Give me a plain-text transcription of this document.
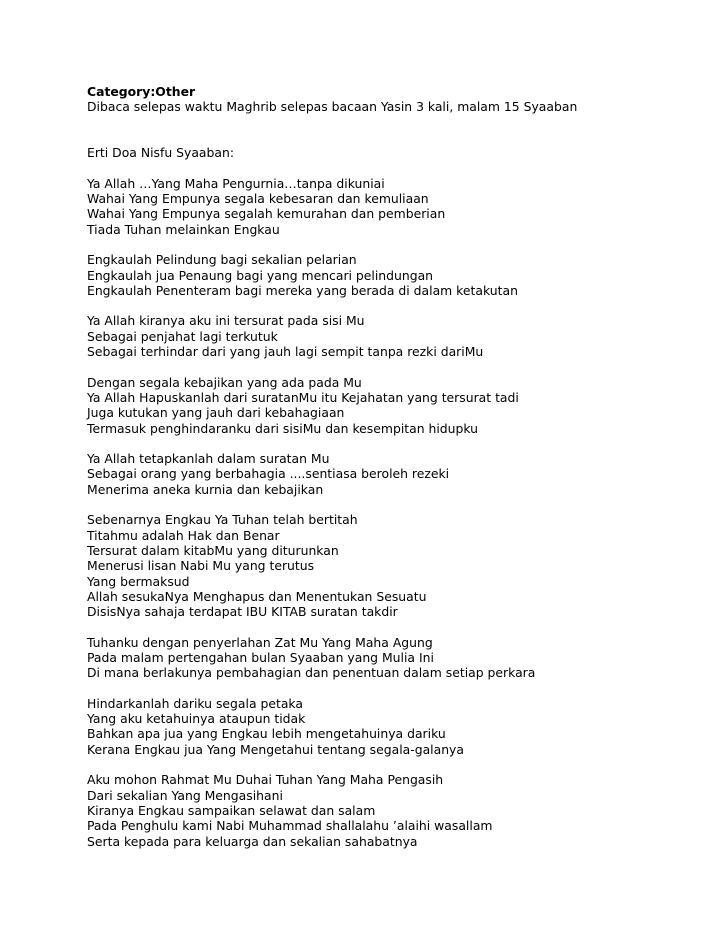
Category:Other
Dibaca selepas waktu Maghrib selepas bacaan Yasin 3 kali, malam 15 Syaaban
Erti Doa Nisfu Syaaban:
Ya Allah …Yang Maha Pengurnia…tanpa dikuniai
Wahai Yang Empunya segala kebesaran dan kemuliaan
Wahai Yang Empunya segalah kemurahan dan pemberian
Tiada Tuhan melainkan Engkau
Engkaulah Pelindung bagi sekalian pelarian
Engkaulah jua Penaung bagi yang mencari pelindungan
Engkaulah Penenteram bagi mereka yang berada di dalam ketakutan
Ya Allah kiranya aku ini tersurat pada sisi Mu
Sebagai penjahat lagi terkutuk
Sebagai terhindar dari yang jauh lagi sempit tanpa rezki dariMu
Dengan segala kebajikan yang ada pada Mu
Ya Allah Hapuskanlah dari suratanMu itu Kejahatan yang tersurat tadi
Juga kutukan yang jauh dari kebahagiaan
Termasuk penghindaranku dari sisiMu dan kesempitan hidupku
Ya Allah tetapkanlah dalam suratan Mu
Sebagai orang yang berbahagia ....sentiasa beroleh rezeki
Menerima aneka kurnia dan kebajikan
Sebenarnya Engkau Ya Tuhan telah bertitah
Titahmu adalah Hak dan Benar
Tersurat dalam kitabMu yang diturunkan
Menerusi lisan Nabi Mu yang terutus
Yang bermaksud
Allah sesukaNya Menghapus dan Menentukan Sesuatu
DisisNya sahaja terdapat IBU KITAB suratan takdir
Tuhanku dengan penyerlahan Zat Mu Yang Maha Agung
Pada malam pertengahan bulan Syaaban yang Mulia Ini
Di mana berlakunya pembahagian dan penentuan dalam setiap perkara
Hindarkanlah dariku segala petaka
Yang aku ketahuinya ataupun tidak
Bahkan apa jua yang Engkau lebih mengetahuinya dariku
Kerana Engkau jua Yang Mengetahui tentang segala-galanya
Aku mohon Rahmat Mu Duhai Tuhan Yang Maha Pengasih
Dari sekalian Yang Mengasihani
Kiranya Engkau sampaikan selawat dan salam
Pada Penghulu kami Nabi Muhammad shallalahu ’alaihi wasallam
Serta kepada para keluarga dan sekalian sahabatnya
